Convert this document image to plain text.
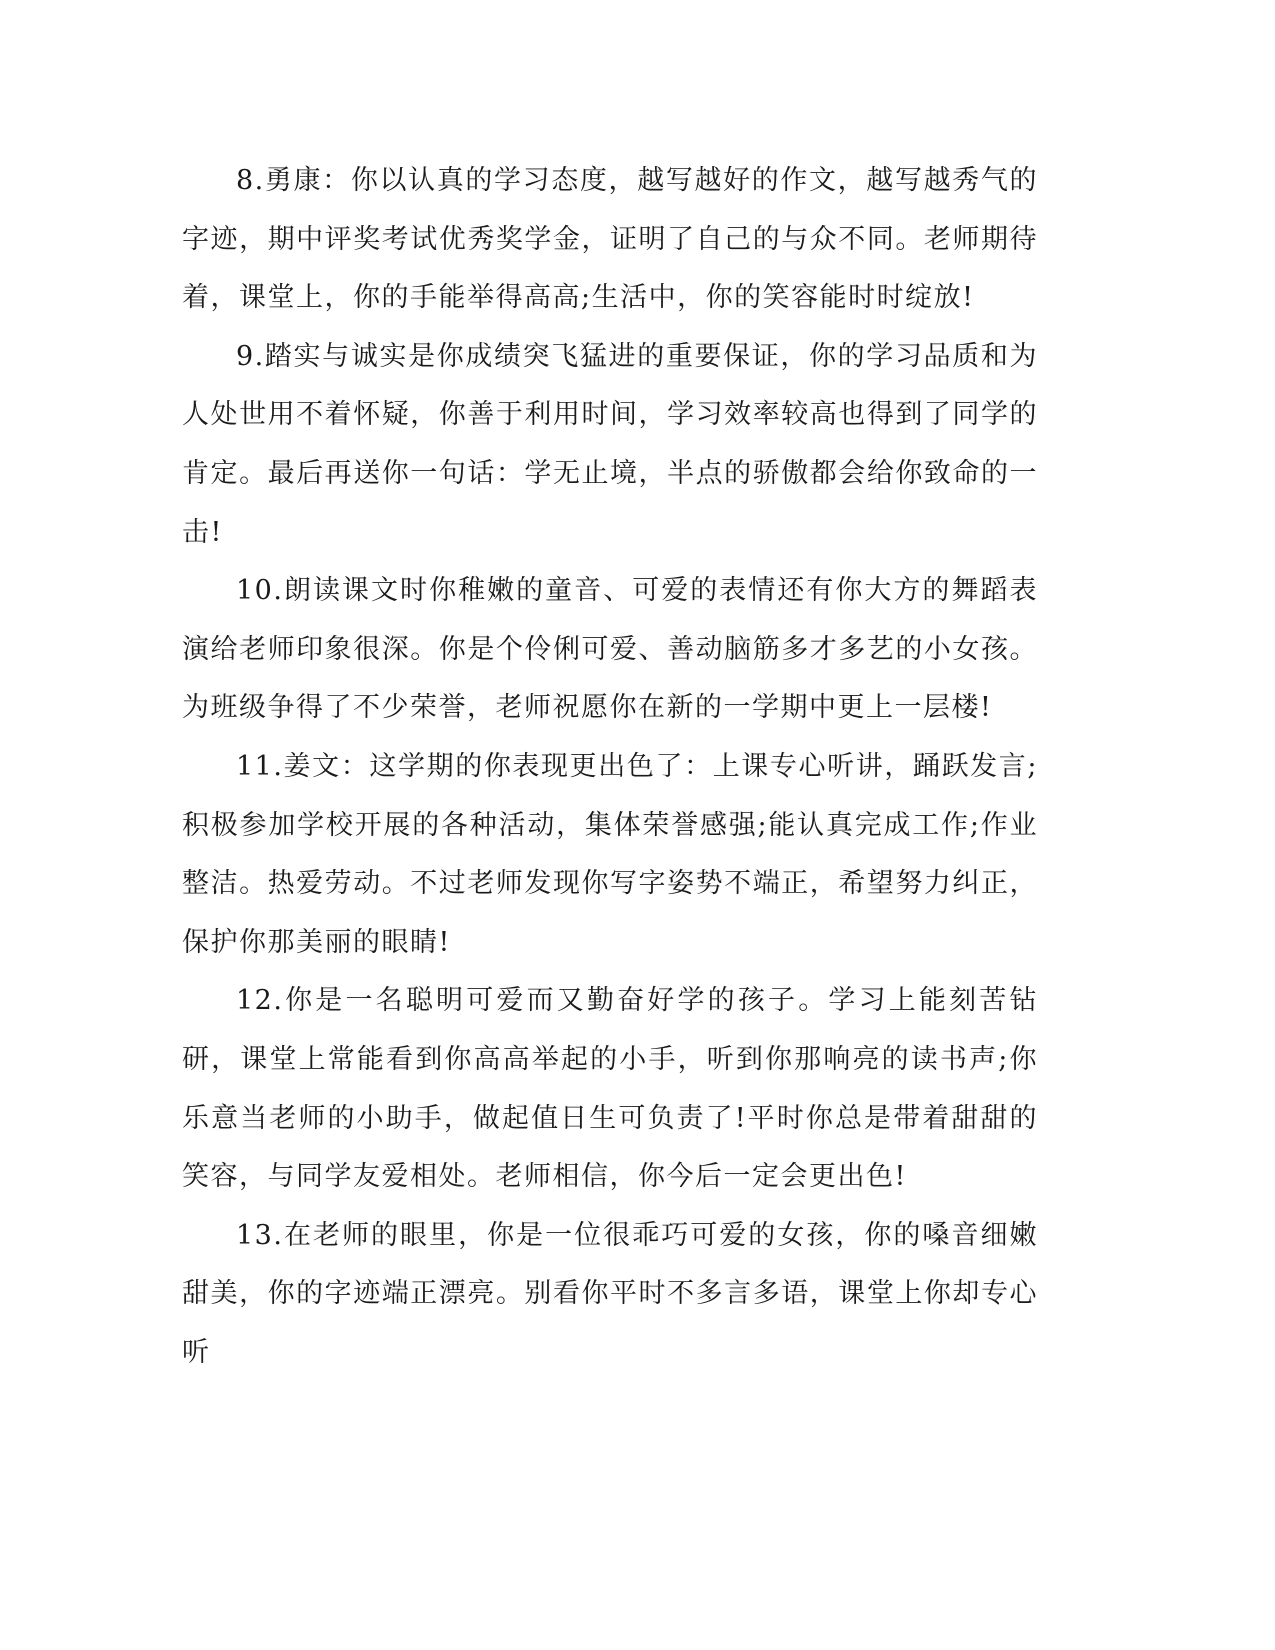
8.勇康：你以认真的学习态度，越写越好的作文，越写越秀气的字迹，期中评奖考试优秀奖学金，证明了自己的与众不同。老师期待着，课堂上，你的手能举得高高;生活中，你的笑容能时时绽放!

9.踏实与诚实是你成绩突飞猛进的重要保证，你的学习品质和为人处世用不着怀疑，你善于利用时间，学习效率较高也得到了同学的肯定。最后再送你一句话：学无止境，半点的骄傲都会给你致命的一击!

10.朗读课文时你稚嫩的童音、可爱的表情还有你大方的舞蹈表演给老师印象很深。你是个伶俐可爱、善动脑筋多才多艺的小女孩。为班级争得了不少荣誉，老师祝愿你在新的一学期中更上一层楼!

11.姜文：这学期的你表现更出色了：上课专心听讲，踊跃发言;积极参加学校开展的各种活动，集体荣誉感强;能认真完成工作;作业整洁。热爱劳动。不过老师发现你写字姿势不端正，希望努力纠正，保护你那美丽的眼睛!

12.你是一名聪明可爱而又勤奋好学的孩子。学习上能刻苦钻研，课堂上常能看到你高高举起的小手，听到你那响亮的读书声;你乐意当老师的小助手，做起值日生可负责了!平时你总是带着甜甜的笑容，与同学友爱相处。老师相信，你今后一定会更出色!

13.在老师的眼里，你是一位很乖巧可爱的女孩，你的嗓音细嫩甜美，你的字迹端正漂亮。别看你平时不多言多语，课堂上你却专心听
